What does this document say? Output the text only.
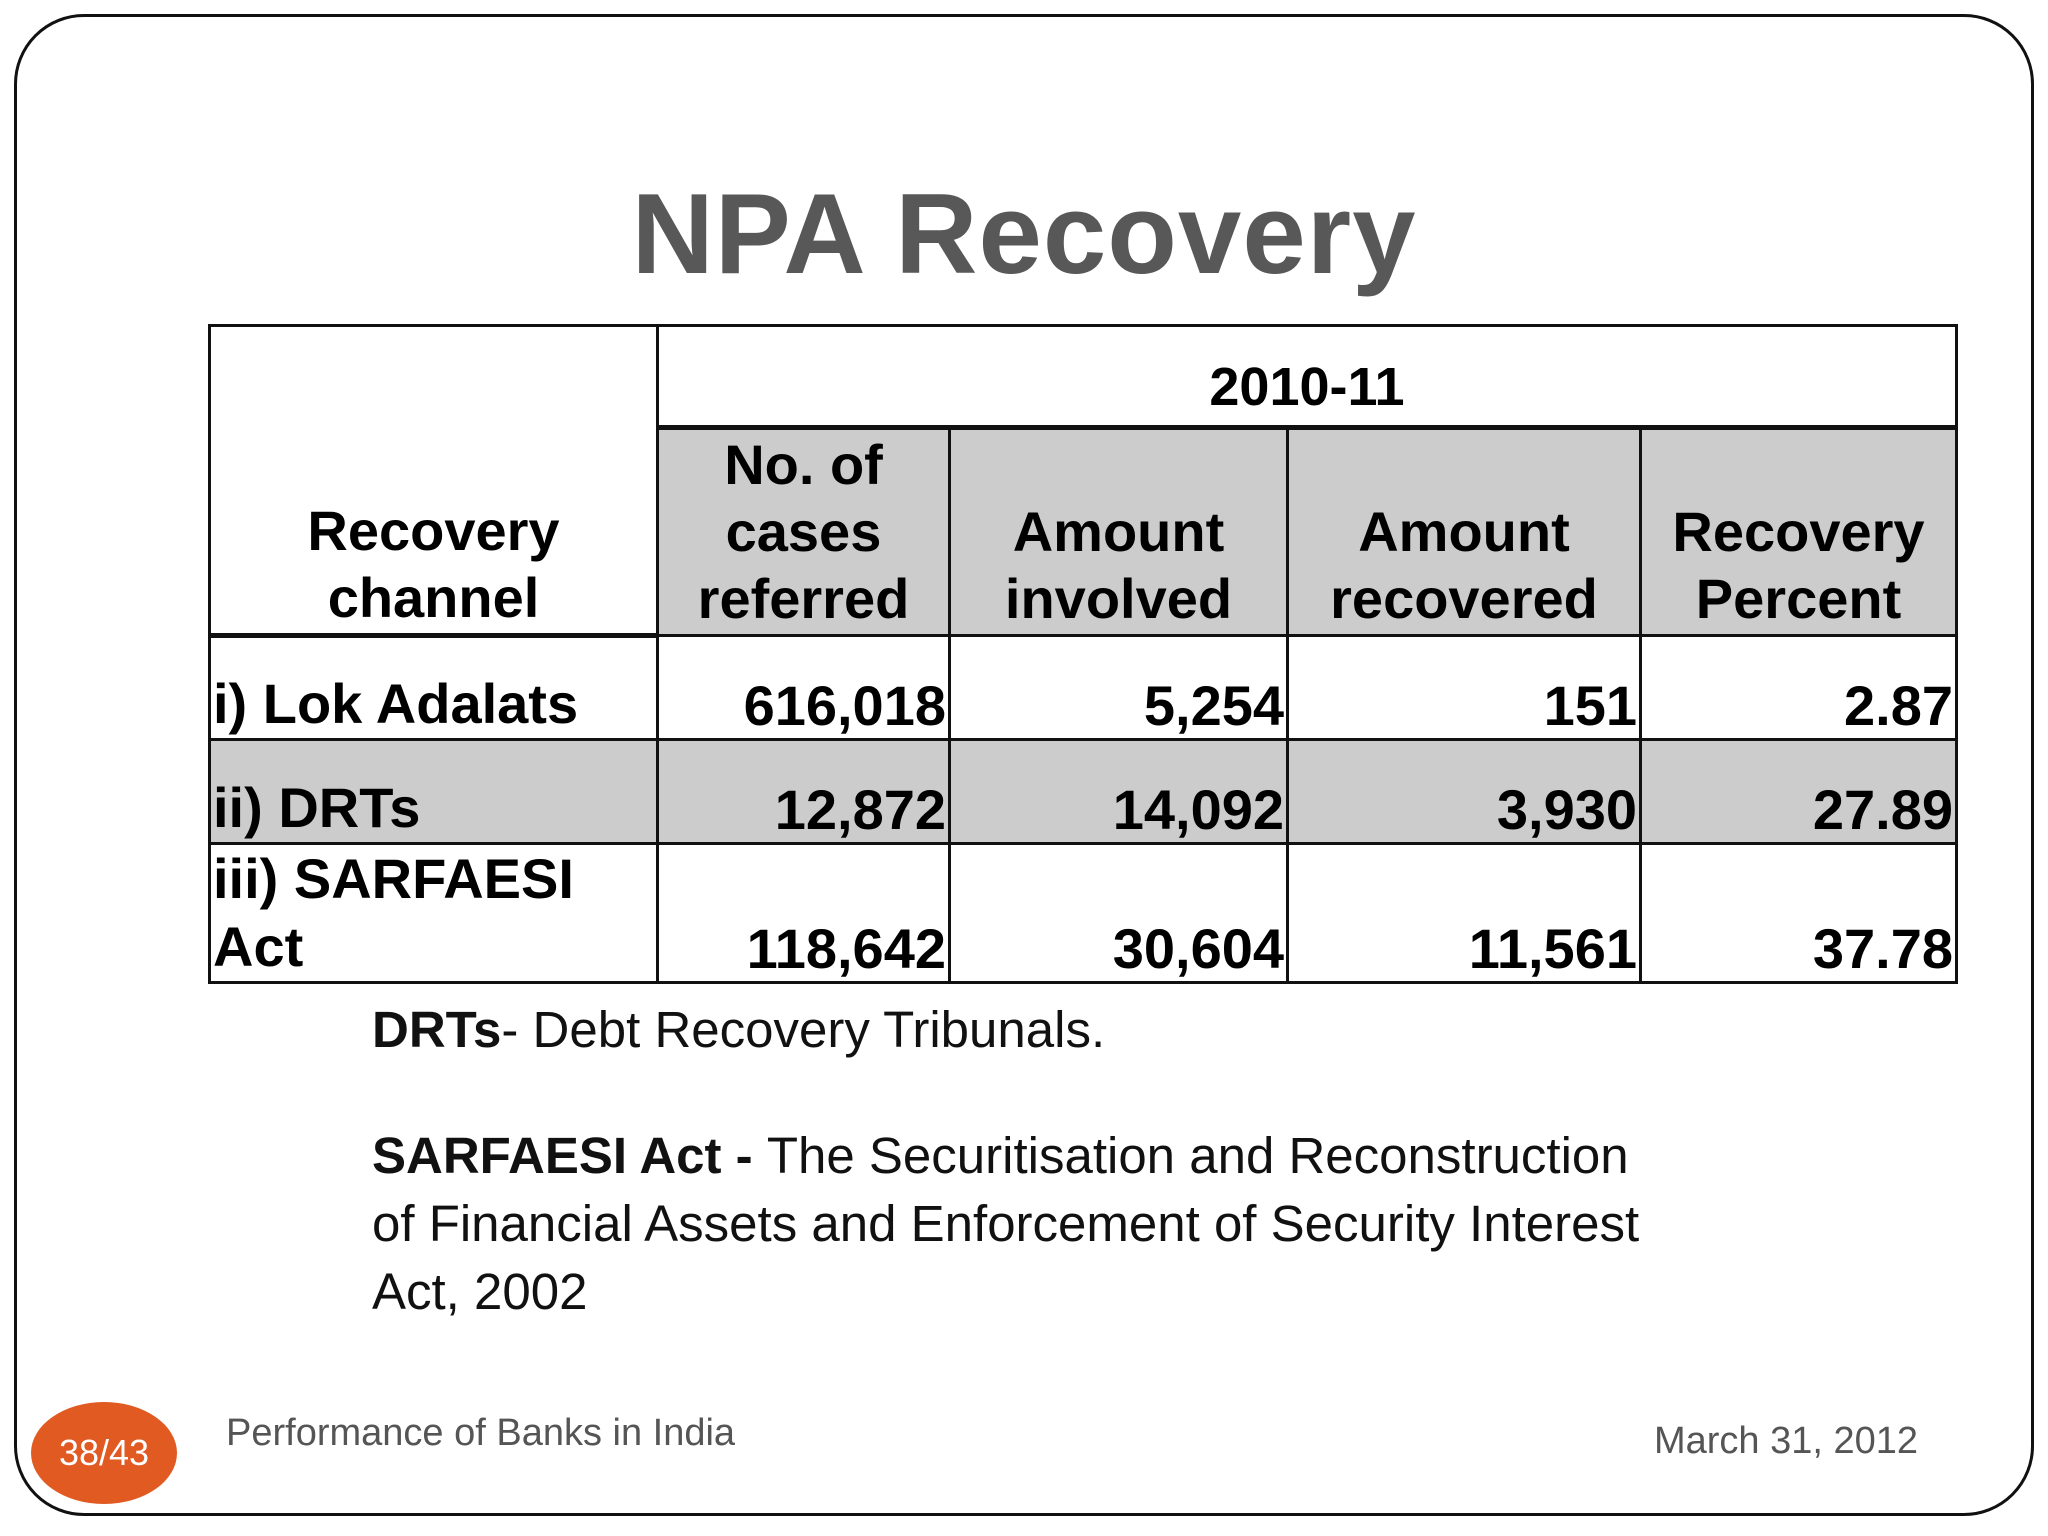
NPA Recovery
Recovery channel	2010-11			
	No. of cases referred	Amount involved	Amount recovered	Recovery Percent
i) Lok Adalats	616,018	5,254	151	2.87
ii) DRTs	12,872	14,092	3,930	27.89
iii) SARFAESI Act	118,642	30,604	11,561	37.78

DRTs- Debt Recovery Tribunals.

SARFAESI Act - The Securitisation and Reconstruction

of Financial Assets and Enforcement of Security Interest

Act, 2002

38/43	Performance of Banks in India	March 31, 2012
